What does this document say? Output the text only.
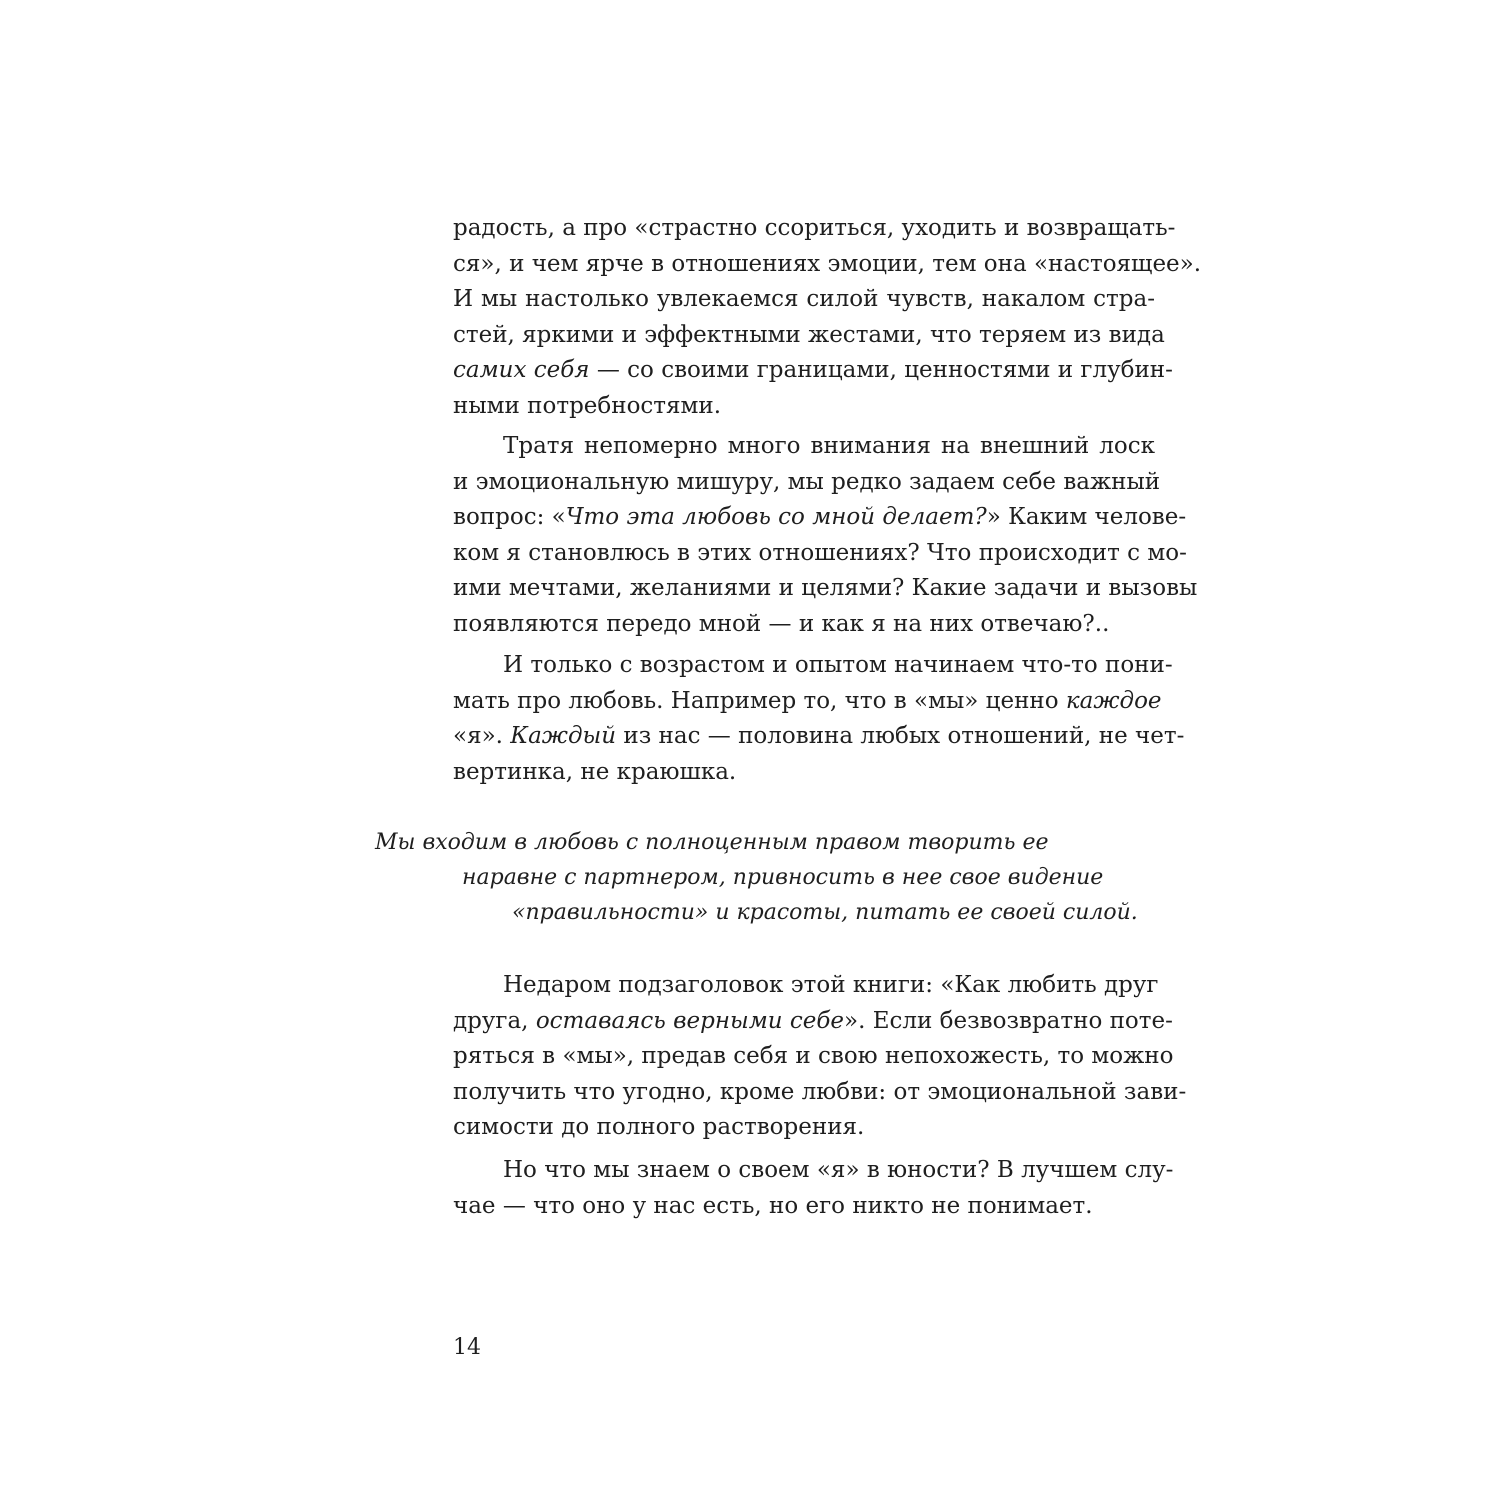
радость, а про «страстно ссориться, уходить и возвращать-
ся», и чем ярче в отношениях эмоции, тем она «настоящее».
И мы настолько увлекаемся силой чувств, накалом стра-
стей, яркими и эффектными жестами, что теряем из вида
самих себя — со своими границами, ценностями и глубин-
ными потребностями.
Тратя непомерно много внимания на внешний лоск
и эмоциональную мишуру, мы редко задаем себе важный
вопрос: «Что эта любовь со мной делает?» Каким челове-
ком я становлюсь в этих отношениях? Что происходит с мо-
ими мечтами, желаниями и целями? Какие задачи и вызовы
появляются передо мной — и как я на них отвечаю?..
И только с возрастом и опытом начинаем что-то пони-
мать про любовь. Например то, что в «мы» ценно каждое
«я». Каждый из нас — половина любых отношений, не чет-
вертинка, не краюшка.

Мы входим в любовь с полноценным правом творить ее

наравне с партнером, привносить в нее свое видение

«правильности» и красоты, питать ее своей силой.

Недаром подзаголовок этой книги: «Как любить друг
друга, оставаясь верными себе». Если безвозвратно поте-
ряться в «мы», предав себя и свою непохожесть, то можно
получить что угодно, кроме любви: от эмоциональной зави-
симости до полного растворения.
Но что мы знаем о своем «я» в юности? В лучшем слу-
чае — что оно у нас есть, но его никто не понимает.

14
